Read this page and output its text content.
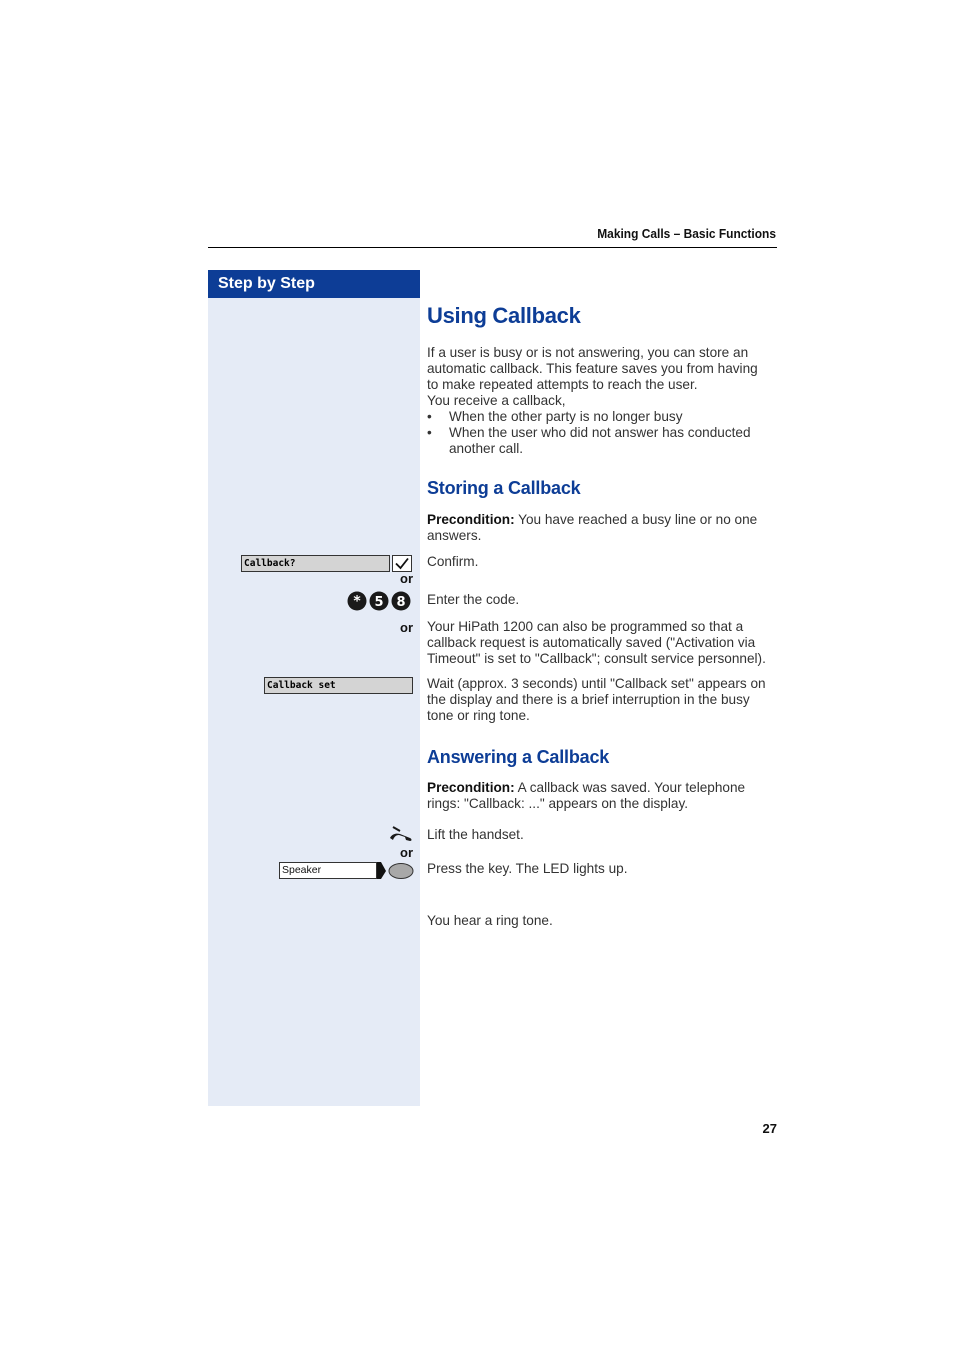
Making Calls – Basic Functions
Step by Step
Callback?
or
* 5 8
or
Callback set
or
Speaker
Using Callback
If a user is busy or is not answering, you can store an
automatic callback. This feature saves you from having
to make repeated attempts to reach the user.
You receive a callback,
• When the other party is no longer busy
• When the user who did not answer has conducted
another call.
Storing a Callback
Precondition: You have reached a busy line or no one
answers.
Confirm.
Enter the code.
Your HiPath 1200 can also be programmed so that a
callback request is automatically saved ("Activation via
Timeout" is set to "Callback"; consult service personnel).
Wait (approx. 3 seconds) until "Callback set" appears on
the display and there is a brief interruption in the busy
tone or ring tone.
Answering a Callback
Precondition: A callback was saved. Your telephone
rings: "Callback: ..." appears on the display.
Lift the handset.
Press the key. The LED lights up.
You hear a ring tone.
27
